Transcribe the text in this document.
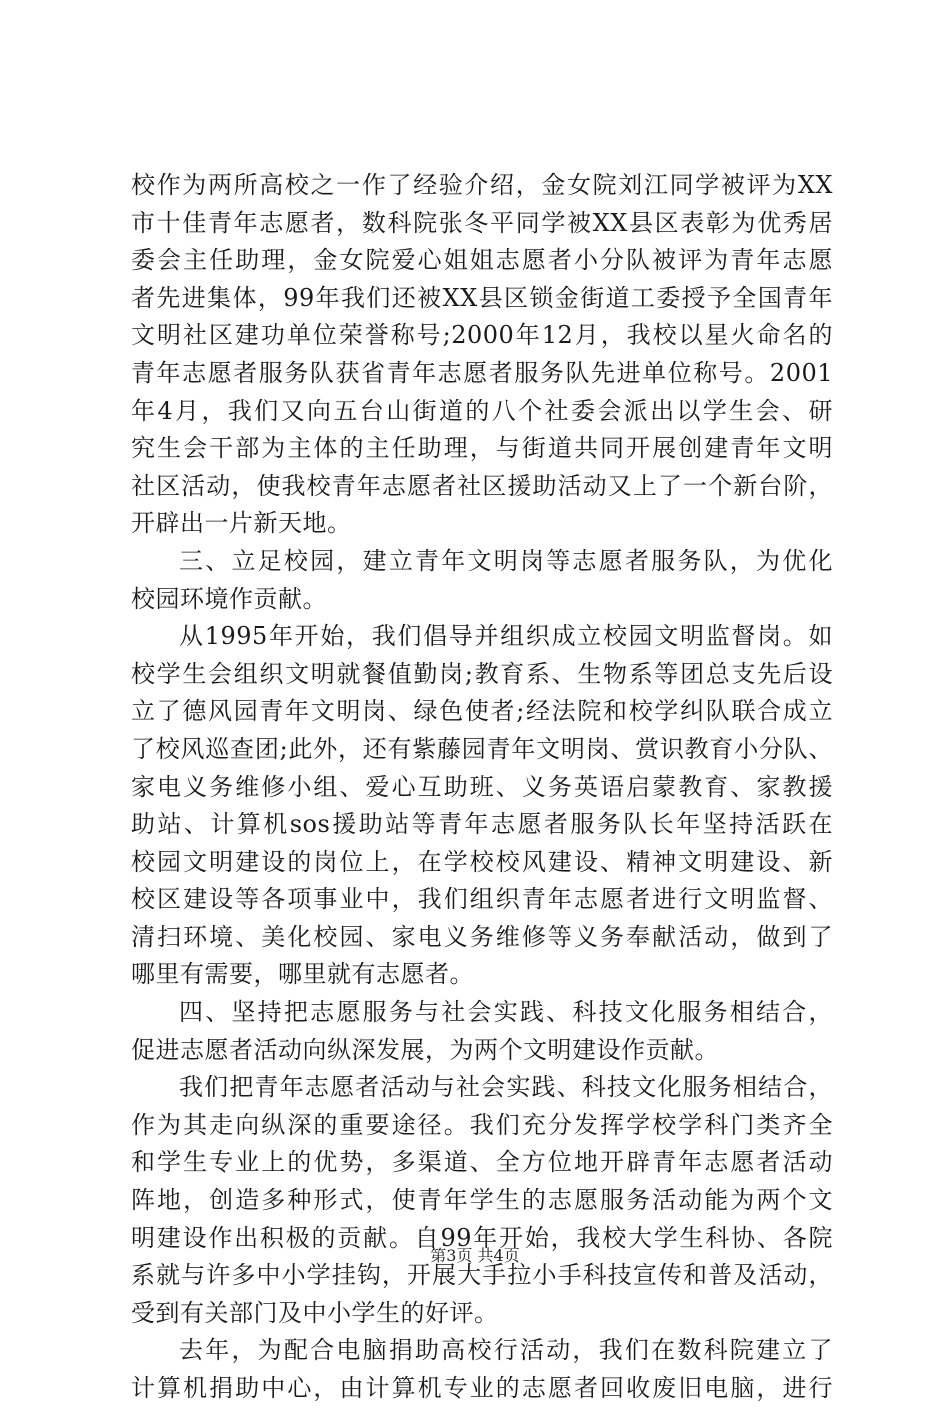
校作为两所高校之一作了经验介绍，金女院刘江同学被评为XX
市十佳青年志愿者，数科院张冬平同学被XX县区表彰为优秀居
委会主任助理，金女院爱心姐姐志愿者小分队被评为青年志愿
者先进集体，99年我们还被XX县区锁金街道工委授予全国青年
文明社区建功单位荣誉称号;2000年12月，我校以星火命名的
青年志愿者服务队获省青年志愿者服务队先进单位称号。2001
年4月，我们又向五台山街道的八个社委会派出以学生会、研
究生会干部为主体的主任助理，与街道共同开展创建青年文明
社区活动，使我校青年志愿者社区援助活动又上了一个新台阶，
开辟出一片新天地。
三、立足校园，建立青年文明岗等志愿者服务队，为优化
校园环境作贡献。
从1995年开始，我们倡导并组织成立校园文明监督岗。如
校学生会组织文明就餐值勤岗;教育系、生物系等团总支先后设
立了德风园青年文明岗、绿色使者;经法院和校学纠队联合成立
了校风巡查团;此外，还有紫藤园青年文明岗、赏识教育小分队、
家电义务维修小组、爱心互助班、义务英语启蒙教育、家教援
助站、计算机sos援助站等青年志愿者服务队长年坚持活跃在
校园文明建设的岗位上，在学校校风建设、精神文明建设、新
校区建设等各项事业中，我们组织青年志愿者进行文明监督、
清扫环境、美化校园、家电义务维修等义务奉献活动，做到了
哪里有需要，哪里就有志愿者。
四、坚持把志愿服务与社会实践、科技文化服务相结合，
促进志愿者活动向纵深发展，为两个文明建设作贡献。
我们把青年志愿者活动与社会实践、科技文化服务相结合，
作为其走向纵深的重要途径。我们充分发挥学校学科门类齐全
和学生专业上的优势，多渠道、全方位地开辟青年志愿者活动
阵地，创造多种形式，使青年学生的志愿服务活动能为两个文
明建设作出积极的贡献。自99年开始，我校大学生科协、各院
系就与许多中小学挂钩，开展大手拉小手科技宣传和普及活动，
受到有关部门及中小学生的好评。
去年，为配合电脑捐助高校行活动，我们在数科院建立了
计算机捐助中心，由计算机专业的志愿者回收废旧电脑，进行
第3页 共4页
